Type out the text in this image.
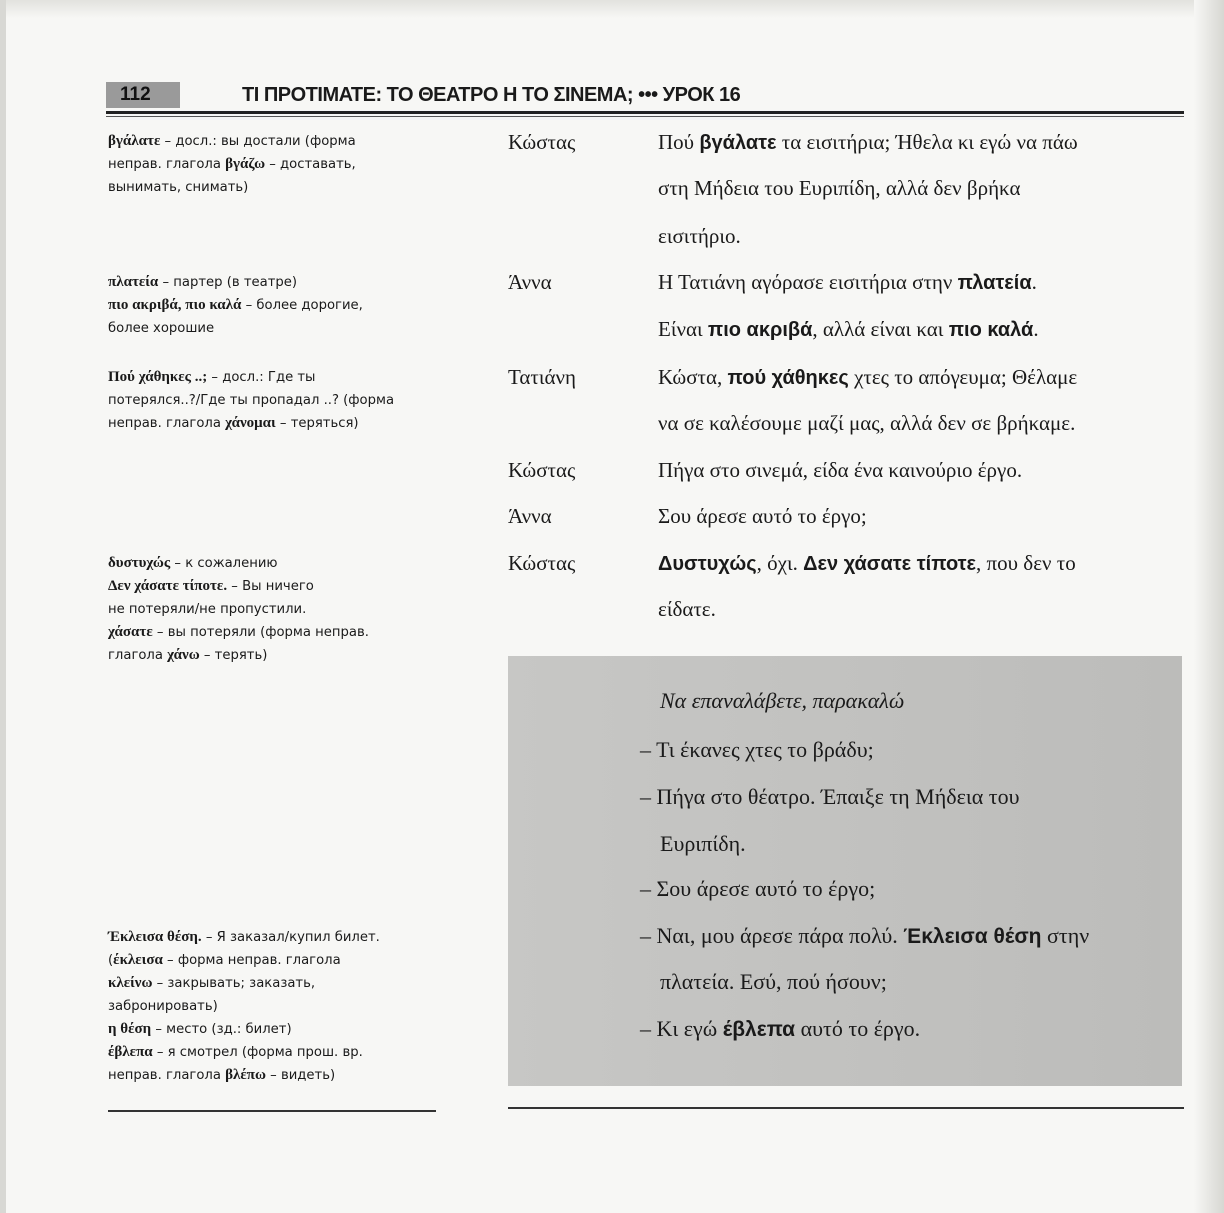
112	ΤΙ ΠΡΟΤΙΜΑΤΕ: ΤΟ ΘΕΑΤΡΟ Η ΤΟ ΣΙΝΕΜΑ; ••• УРОК 16
βγάλατε – досл.: вы достали (форма
неправ. глагола βγάζω – доставать,
вынимать, снимать)
πλατεία – партер (в театре)
πιο ακριβά, πιο καλά – более дорогие,
более хорошие
Πού χάθηκες ..; – досл.: Где ты
потерялся..?/Где ты пропадал ..? (форма
неправ. глагола χάνομαι – теряться)
δυστυχώς – к сожалению
Δεν χάσατε τίποτε. – Вы ничего
не потеряли/не пропустили.
χάσατε – вы потеряли (форма неправ.
глагола χάνω – терять)
Έκλεισα θέση. – Я заказал/купил билет.
(έκλεισα – форма неправ. глагола
κλείνω – закрывать; заказать,
забронировать)
η θέση – место (зд.: билет)
έβλεπα – я смотрел (форма прош. вр.
неправ. глагола βλέπω – видеть)
Κώστας	Πού βγάλατε τα εισιτήρια; Ήθελα κι εγώ να πάω
στη Μήδεια του Ευριπίδη, αλλά δεν βρήκα
εισιτήριο.
Άννα	Η Τατιάνη αγόρασε εισιτήρια στην πλατεία.
Είναι πιο ακριβά, αλλά είναι και πιο καλά.
Τατιάνη	Κώστα, πού χάθηκες χτες το απόγευμα; Θέλαμε
να σε καλέσουμε μαζί μας, αλλά δεν σε βρήκαμε.
Κώστας	Πήγα στο σινεμά, είδα ένα καινούριο έργο.
Άννα	Σου άρεσε αυτό το έργο;
Κώστας	Δυστυχώς, όχι. Δεν χάσατε τίποτε, που δεν το
είδατε.
Να επαναλάβετε, παρακαλώ
– Τι έκανες χτες το βράδυ;
– Πήγα στο θέατρο. Έπαιξε τη Μήδεια του
Ευριπίδη.
– Σου άρεσε αυτό το έργο;
– Ναι, μου άρεσε πάρα πολύ. Έκλεισα θέση στην
πλατεία. Εσύ, πού ήσουν;
– Κι εγώ έβλεπα αυτό το έργο.
